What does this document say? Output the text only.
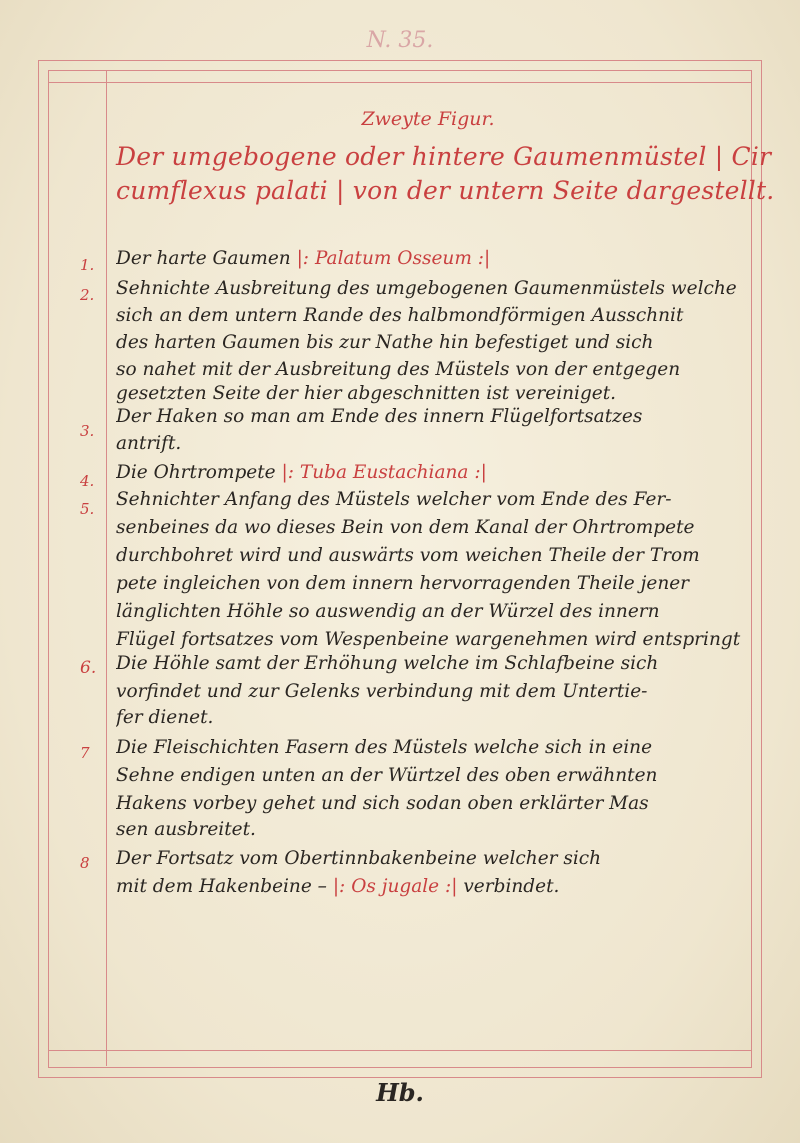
N. 35.
Zweyte Figur.
Der umgebogene oder hintere Gaumenmüstel | Cir
cumflexus palati | von der untern Seite dargestellt.
1. Der harte Gaumen |: Palatum Osseum :|
2. Sehnichte Ausbreitung des umgebogenen Gaumenmüstels welche
sich an dem untern Rande des halbmondförmigen Ausschnit
des harten Gaumen bis zur Nathe hin befestiget und sich
so nahet mit der Ausbreitung des Müstels von der entgegen
gesetzten Seite der hier abgeschnitten ist vereiniget.
3.
Der Haken so man am Ende des innern Flügelfortsatzes
antrift.
4. Die Ohrtrompete |: Tuba Eustachiana :|
5. Sehnichter Anfang des Müstels welcher vom Ende des Fer-
senbeines da wo dieses Bein von dem Kanal der Ohrtrompete
durchbohret wird und auswärts vom weichen Theile der Trom
pete ingleichen von dem innern hervorragenden Theile jener
länglichten Höhle so auswendig an der Würzel des innern
Flügel fortsatzes vom Wespenbeine wargenehmen wird entspringt
6. Die Höhle samt der Erhöhung welche im Schlafbeine sich
vorfindet und zur Gelenks verbindung mit dem Untertie-
fer dienet.
7 Die Fleischichten Fasern des Müstels welche sich in eine
Sehne endigen unten an der Würtzel des oben erwähnten
Hakens vorbey gehet und sich sodan oben erklärter Mas
sen ausbreitet.
8 Der Fortsatz vom Obertinnbakenbeine welcher sich
mit dem Hakenbeine – |: Os jugale :| verbindet.
Hb.
